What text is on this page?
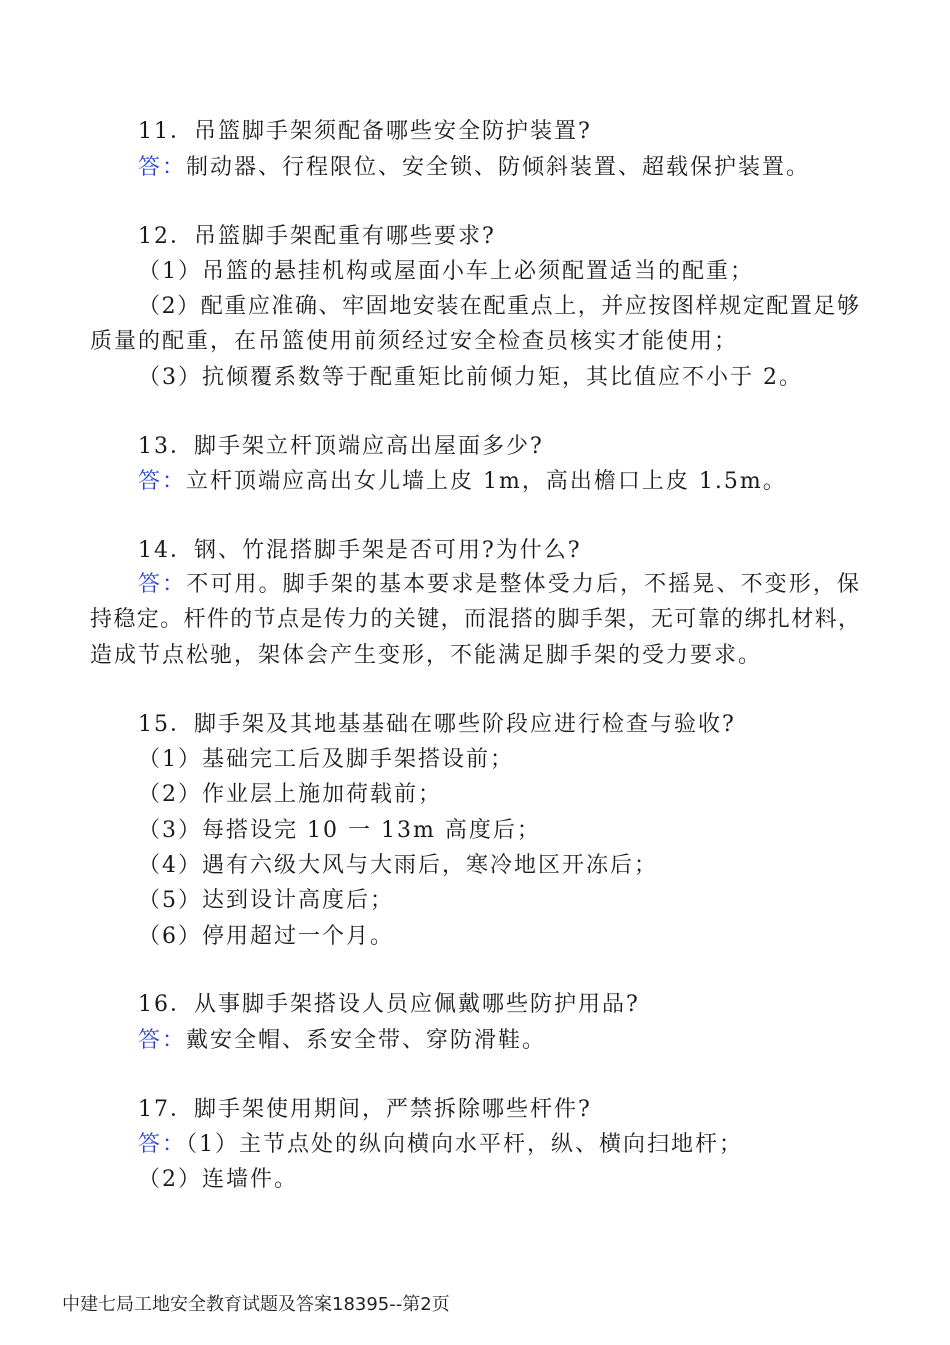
11．吊篮脚手架须配备哪些安全防护装置?
答：制动器、行程限位、安全锁、防倾斜装置、超载保护装置。
12．吊篮脚手架配重有哪些要求?
（1）吊篮的悬挂机构或屋面小车上必须配置适当的配重；
（2）配重应准确、牢固地安装在配重点上，并应按图样规定配置足够
质量的配重，在吊篮使用前须经过安全检查员核实才能使用；
（3）抗倾覆系数等于配重矩比前倾力矩，其比值应不小于 2。
13．脚手架立杆顶端应高出屋面多少?
答：立杆顶端应高出女儿墙上皮 1m，高出檐口上皮 1.5m。
14．钢、竹混搭脚手架是否可用?为什么?
答：不可用。脚手架的基本要求是整体受力后，不摇晃、不变形，保
持稳定。杆件的节点是传力的关键，而混搭的脚手架，无可靠的绑扎材料，
造成节点松驰，架体会产生变形，不能满足脚手架的受力要求。
15．脚手架及其地基基础在哪些阶段应进行检查与验收?
（1）基础完工后及脚手架搭设前；
（2）作业层上施加荷载前；
（3）每搭设完 10 一 13m 高度后；
（4）遇有六级大风与大雨后，寒冷地区开冻后；
（5）达到设计高度后；
（6）停用超过一个月。
16．从事脚手架搭设人员应佩戴哪些防护用品?
答：戴安全帽、系安全带、穿防滑鞋。
17．脚手架使用期间，严禁拆除哪些杆件?
答：（1）主节点处的纵向横向水平杆，纵、横向扫地杆；
（2）连墙件。
中建七局工地安全教育试题及答案18395--第2页
